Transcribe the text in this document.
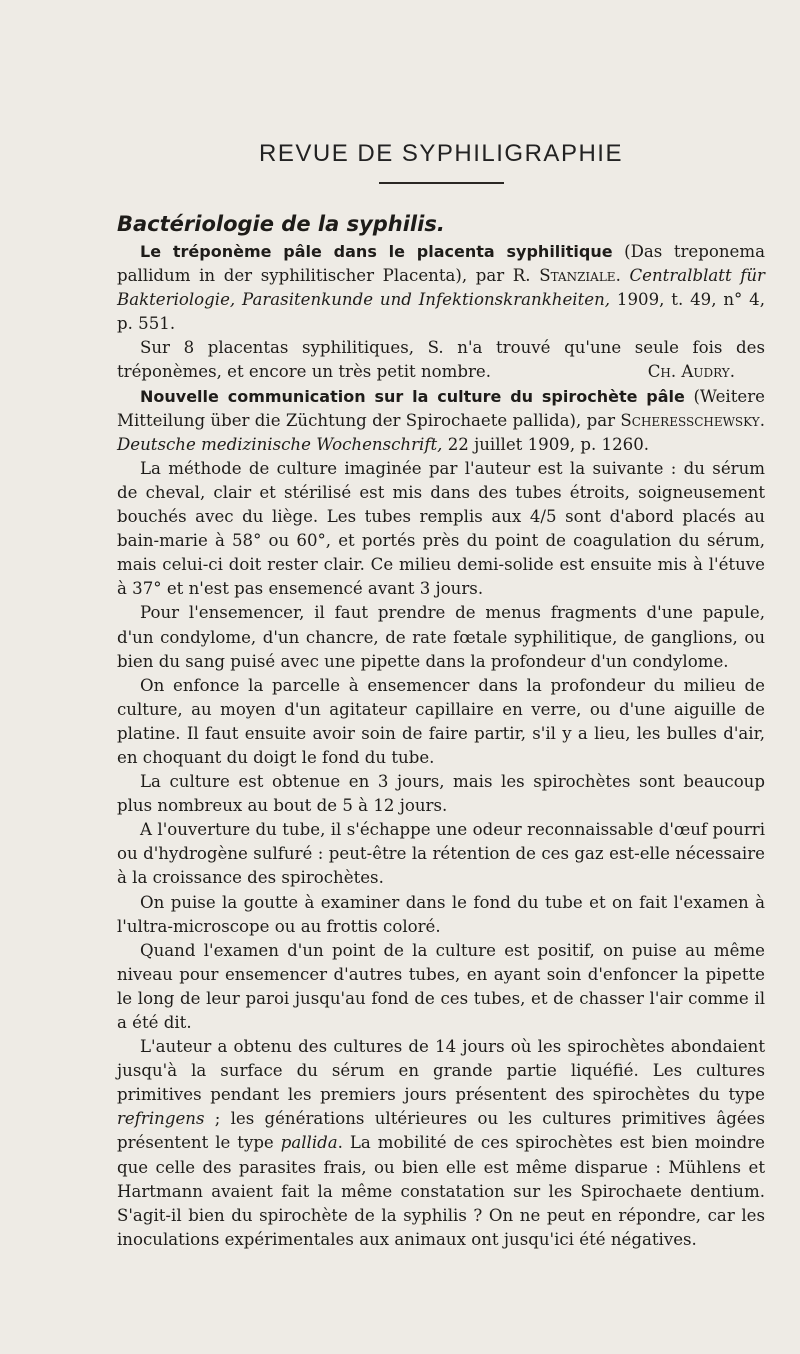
REVUE DE SYPHILIGRAPHIE
Bactériologie de la syphilis.

Le tréponème pâle dans le placenta syphilitique (Das treponema pallidum in der syphilitischer Placenta), par R. Stanziale. Centralblatt für Bakteriologie, Parasitenkunde und Infektionskrankheiten, 1909, t. 49, n° 4, p. 551.

Sur 8 placentas syphilitiques, S. n'a trouvé qu'une seule fois des tréponèmes, et encore un très petit nombre.	Ch. Audry.

Nouvelle communication sur la culture du spirochète pâle (Weitere Mitteilung über die Züchtung der Spirochaete pallida), par Scheresschewsky. Deutsche medizinische Wochenschrift, 22 juillet 1909, p. 1260.

La méthode de culture imaginée par l'auteur est la suivante : du sérum de cheval, clair et stérilisé est mis dans des tubes étroits, soigneusement bouchés avec du liège. Les tubes remplis aux 4/5 sont d'abord placés au bain-marie à 58° ou 60°, et portés près du point de coagulation du sérum, mais celui-ci doit rester clair. Ce milieu demi-solide est ensuite mis à l'étuve à 37° et n'est pas ensemencé avant 3 jours.

Pour l'ensemencer, il faut prendre de menus fragments d'une papule, d'un condylome, d'un chancre, de rate fœtale syphilitique, de ganglions, ou bien du sang puisé avec une pipette dans la profondeur d'un condylome.

On enfonce la parcelle à ensemencer dans la profondeur du milieu de culture, au moyen d'un agitateur capillaire en verre, ou d'une aiguille de platine. Il faut ensuite avoir soin de faire partir, s'il y a lieu, les bulles d'air, en choquant du doigt le fond du tube.

La culture est obtenue en 3 jours, mais les spirochètes sont beaucoup plus nombreux au bout de 5 à 12 jours.

A l'ouverture du tube, il s'échappe une odeur reconnaissable d'œuf pourri ou d'hydrogène sulfuré : peut-être la rétention de ces gaz est-elle nécessaire à la croissance des spirochètes.

On puise la goutte à examiner dans le fond du tube et on fait l'examen à l'ultra-microscope ou au frottis coloré.

Quand l'examen d'un point de la culture est positif, on puise au même niveau pour ensemencer d'autres tubes, en ayant soin d'enfoncer la pipette le long de leur paroi jusqu'au fond de ces tubes, et de chasser l'air comme il a été dit.

L'auteur a obtenu des cultures de 14 jours où les spirochètes abondaient jusqu'à la surface du sérum en grande partie liquéfié. Les cultures primitives pendant les premiers jours présentent des spirochètes du type refringens ; les générations ultérieures ou les cultures primitives âgées présentent le type pallida. La mobilité de ces spirochètes est bien moindre que celle des parasites frais, ou bien elle est même disparue : Mühlens et Hartmann avaient fait la même constatation sur les Spirochaete dentium. S'agit-il bien du spirochète de la syphilis ? On ne peut en répondre, car les inoculations expérimentales aux animaux ont jusqu'ici été négatives.
